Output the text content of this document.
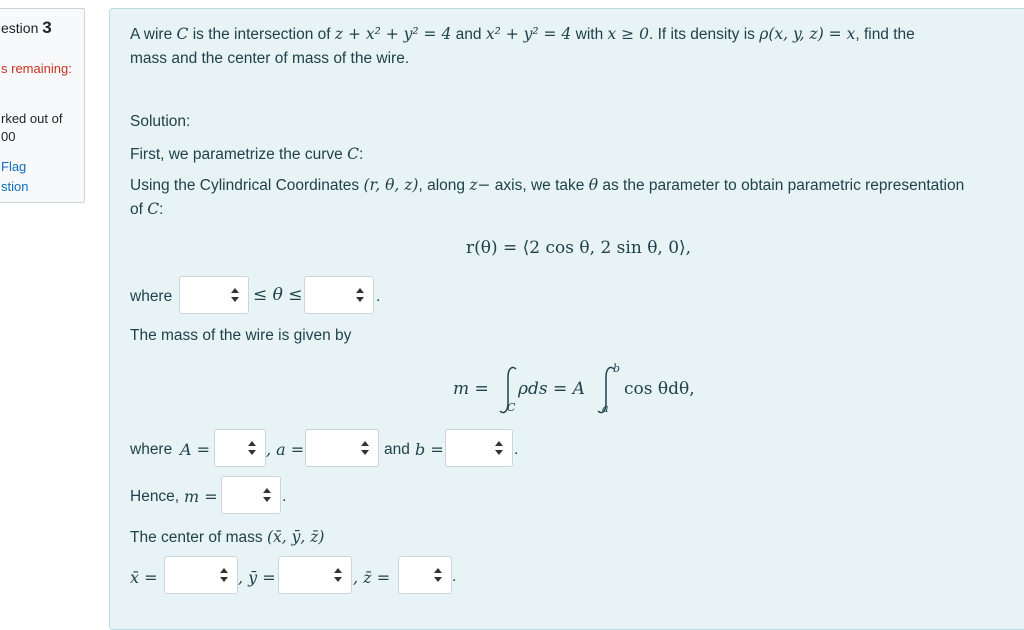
estion 3
s remaining:
rked out of
00
Flag
stion
A wire C is the intersection of z + x² + y² = 4 and x² + y² = 4 with x ≥ 0. If its density is ρ(x, y, z) = x, find the
mass and the center of mass of the wire.
Solution:
First, we parametrize the curve C:
Using the Cylindrical Coordinates (r, θ, z), along z− axis, we take θ as the parameter to obtain parametric representation
of C:
r(θ) = ⟨2 cos θ, 2 sin θ, 0⟩,
where	≤ θ ≤	.
The mass of the wire is given by
m = ρds = A
C
b
a
cos θdθ,
where A =	, a =	and b =	.
Hence, m =	.
The center of mass (x̄, ȳ, z̄)
x̄ =	, ȳ =	, z̄ =	.
